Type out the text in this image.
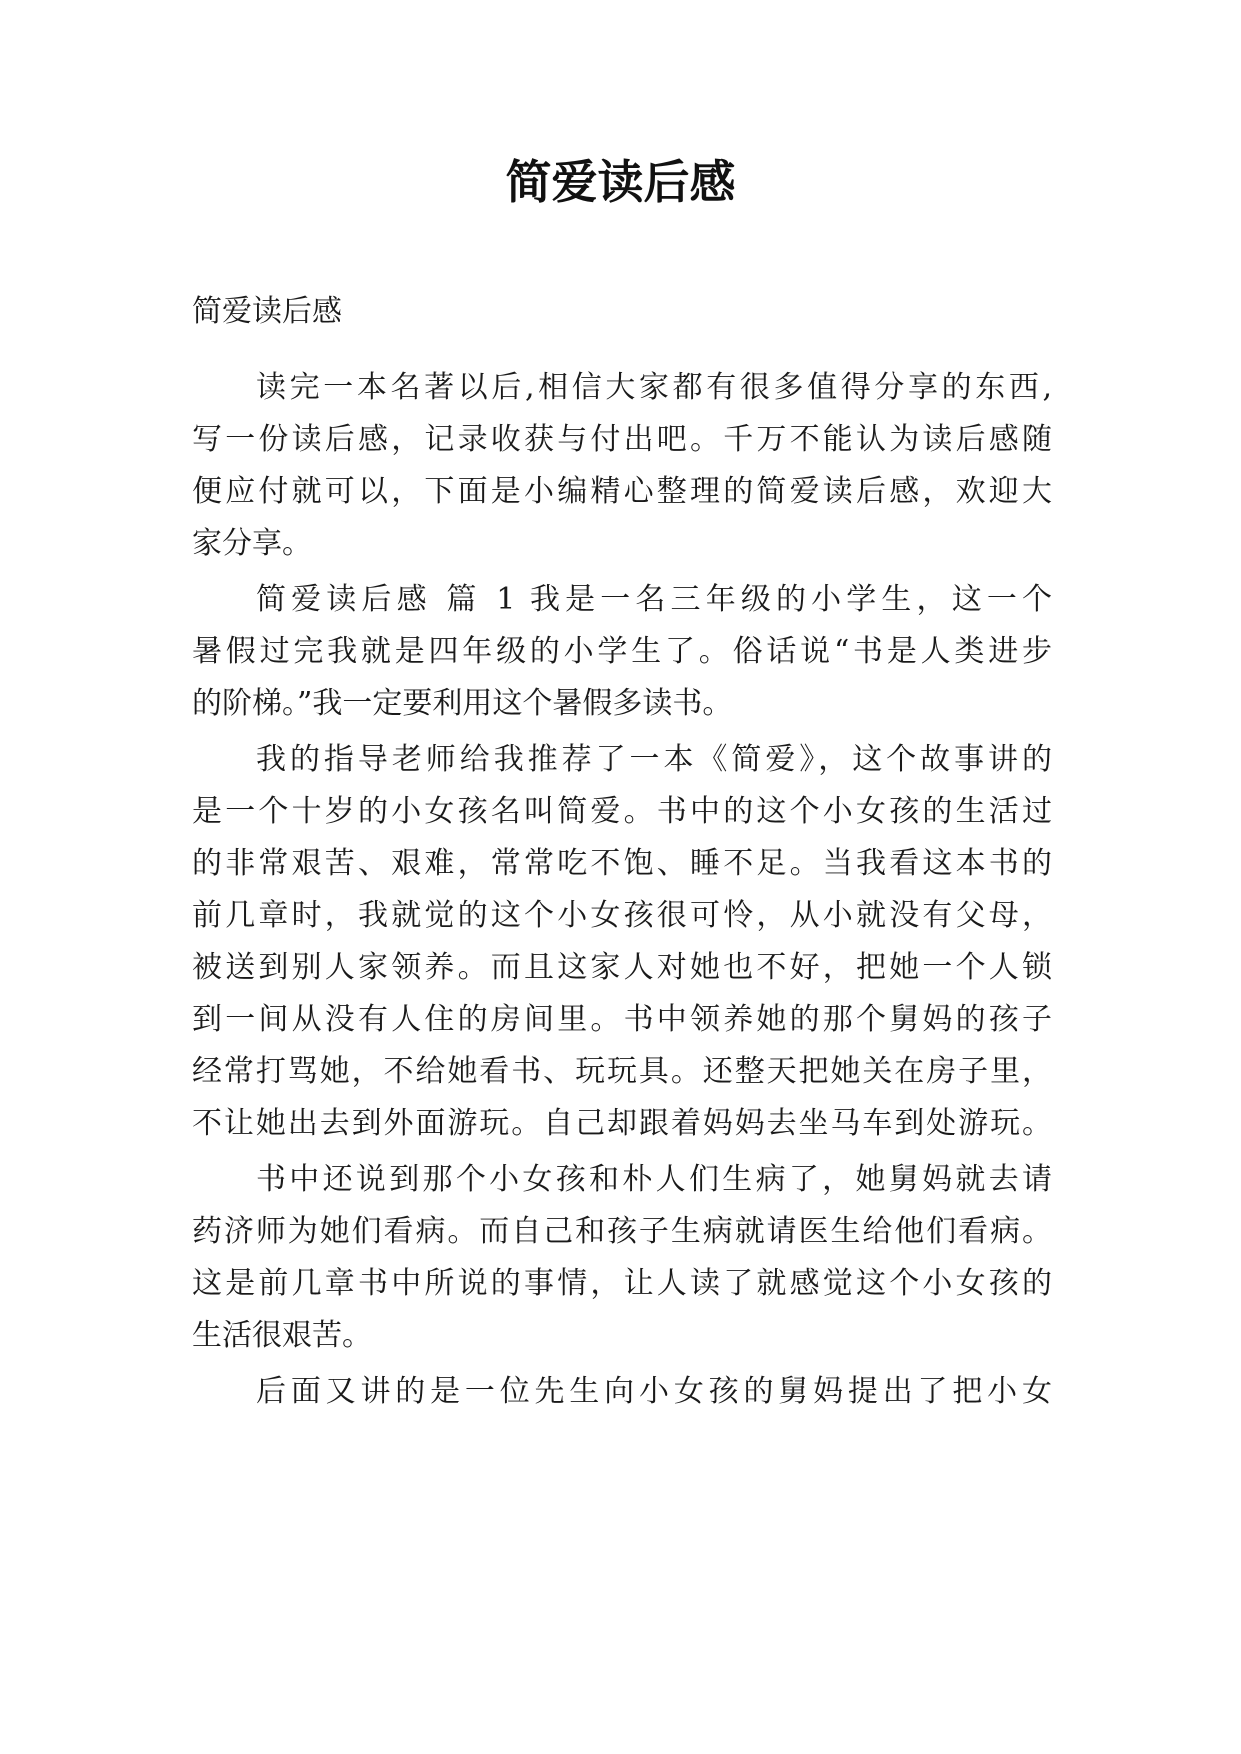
简爱读后感

简爱读后感

读完一本名著以后,相信大家都有很多值得分享的东西,

写一份读后感，记录收获与付出吧。千万不能认为读后感随

便应付就可以，下面是小编精心整理的简爱读后感，欢迎大

家分享。

简爱读后感 篇 1 我是一名三年级的小学生，这一个

暑假过完我就是四年级的小学生了。俗话说“书是人类进步

的阶梯。”我一定要利用这个暑假多读书。

我的指导老师给我推荐了一本《简爱》，这个故事讲的

是一个十岁的小女孩名叫简爱。书中的这个小女孩的生活过

的非常艰苦、艰难，常常吃不饱、睡不足。当我看这本书的

前几章时，我就觉的这个小女孩很可怜，从小就没有父母，

被送到别人家领养。而且这家人对她也不好，把她一个人锁

到一间从没有人住的房间里。书中领养她的那个舅妈的孩子

经常打骂她，不给她看书、玩玩具。还整天把她关在房子里，

不让她出去到外面游玩。自己却跟着妈妈去坐马车到处游玩。

书中还说到那个小女孩和朴人们生病了，她舅妈就去请

药济师为她们看病。而自己和孩子生病就请医生给他们看病。

这是前几章书中所说的事情，让人读了就感觉这个小女孩的

生活很艰苦。

后面又讲的是一位先生向小女孩的舅妈提出了把小女
